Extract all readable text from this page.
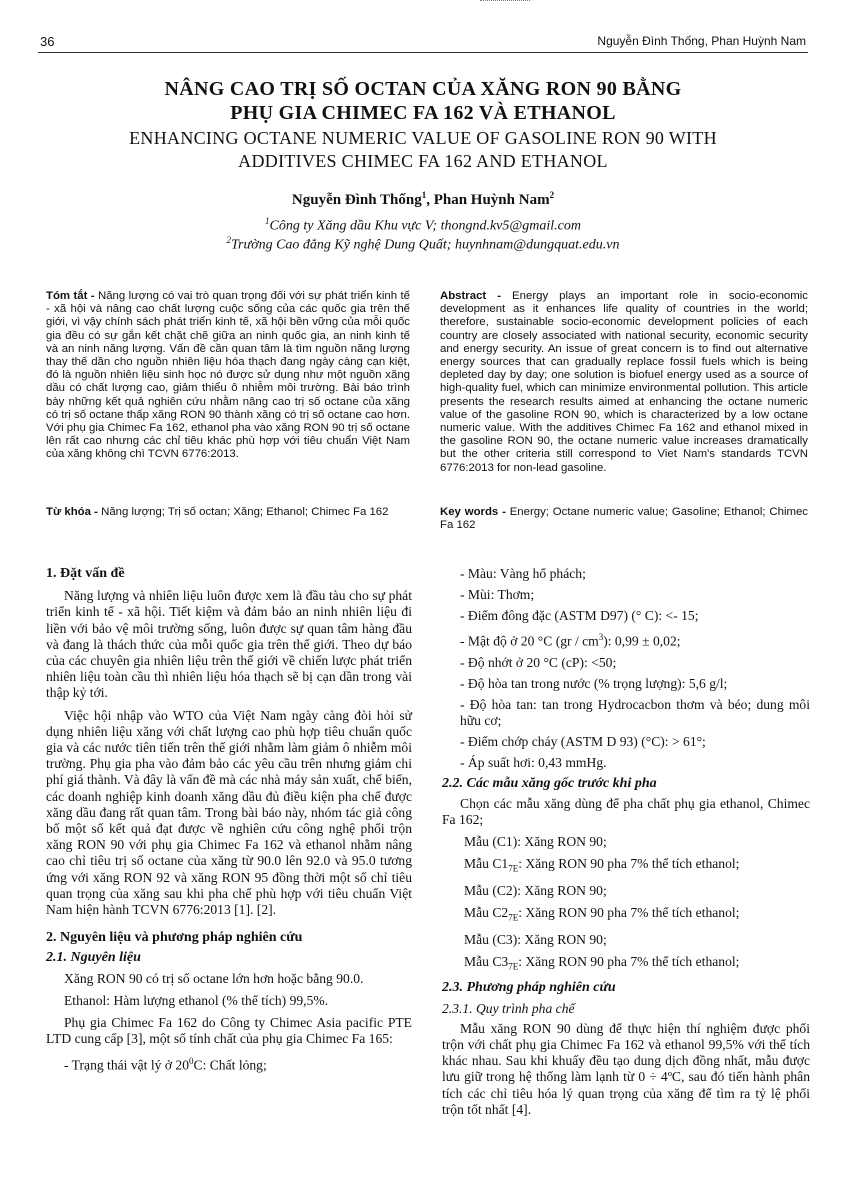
36	Nguyễn Đình Thống, Phan Huỳnh Nam
NÂNG CAO TRỊ SỐ OCTAN CỦA XĂNG RON 90 BẰNG
PHỤ GIA CHIMEC FA 162 VÀ ETHANOL
ENHANCING OCTANE NUMERIC VALUE OF GASOLINE RON 90 WITH
ADDITIVES CHIMEC FA 162 AND ETHANOL
Nguyễn Đình Thống$^1$, Phan Huỳnh Nam$^2$
$^1$Công ty Xăng dầu Khu vực V; thongnd.kv5@gmail.com
$^2$Trường Cao đẳng Kỹ nghệ Dung Quất; huynhnam@dungquat.edu.vn
Tóm tắt - Năng lượng có vai trò quan trọng đối với sự phát triển kinh tế - xã hội và nâng cao chất lượng cuộc sống của các quốc gia trên thế giới, vì vậy chính sách phát triển kinh tế, xã hội bền vững của mỗi quốc gia đều có sự gắn kết chặt chẽ giữa an ninh quốc gia, an ninh kinh tế và an ninh năng lượng. Vấn đề cần quan tâm là tìm nguồn năng lượng thay thế dần cho nguồn nhiên liệu hóa thạch đang ngày càng cạn kiệt, đó là nguồn nhiên liệu sinh học nó được sử dụng như một nguồn xăng dầu có chất lượng cao, giảm thiểu ô nhiễm môi trường. Bài báo trình bày những kết quả nghiên cứu nhằm nâng cao trị số octane của xăng có trị số octane thấp xăng RON 90 thành xăng có trị số octane cao hơn. Với phụ gia Chimec Fa 162, ethanol pha vào xăng RON 90 trị số octane lên rất cao nhưng các chỉ tiêu khác phù hợp với tiêu chuẩn Việt Nam của xăng không chì TCVN 6776:2013.
Từ khóa - Năng lượng; Trị số octan; Xăng; Ethanol; Chimec Fa 162
Abstract - Energy plays an important role in socio-economic development as it enhances life quality of countries in the world; therefore, sustainable socio-economic development policies of each country are closely associated with national security, economic security and energy security. An issue of great concern is to find out alternative energy sources that can gradually replace fossil fuels which is being depleted day by day; one solution is biofuel energy used as a source of high-quality fuel, which can minimize environmental pollution. This article presents the research results aimed at enhancing the octane numeric value of the gasoline RON 90, which is characterized by a low octane numeric value. With the additives Chimec Fa 162 and ethanol mixed in the gasoline RON 90, the octane numeric value increases dramatically but the other criteria still correspond to Viet Nam's standards TCVN 6776:2013 for non-lead gasoline.
Key words - Energy; Octane numeric value; Gasoline; Ethanol; Chimec Fa 162
1. Đặt vấn đề

Năng lượng và nhiên liệu luôn được xem là đầu tàu cho sự phát triển kinh tế - xã hội. Tiết kiệm và đảm bảo an ninh nhiên liệu đi liền với bảo vệ môi trường sống, luôn được sự quan tâm hàng đầu và đang là thách thức của mỗi quốc gia trên thế giới. Theo dự báo của các chuyên gia nhiên liệu trên thế giới về chiến lược phát triển nhiên liệu toàn cầu thì nhiên liệu hóa thạch sẽ bị cạn dần trong vài thập kỷ tới.

Việc hội nhập vào WTO của Việt Nam ngày càng đòi hỏi sử dụng nhiên liệu xăng với chất lượng cao phù hợp tiêu chuẩn quốc gia và các nước tiên tiến trên thế giới nhằm làm giảm ô nhiễm môi trường. Phụ gia pha vào đảm bảo các yêu cầu trên nhưng giảm chi phí giá thành. Và đây là vấn đề mà các nhà máy sản xuất, chế biến, các doanh nghiệp kinh doanh xăng dầu đủ điều kiện pha chế được xăng dầu đang rất quan tâm. Trong bài báo này, nhóm tác giả công bố một số kết quả đạt được về nghiên cứu công nghệ phối trộn xăng RON 90 với phụ gia Chimec Fa 162 và ethanol nhằm nâng cao chỉ tiêu trị số octane của xăng từ 90.0 lên 92.0 và 95.0 tương ứng với xăng RON 92 và xăng RON 95 đồng thời một số chỉ tiêu quan trọng của xăng sau khi pha chế phù hợp với tiêu chuẩn Việt Nam hiện hành TCVN 6776:2013 [1]. [2].

2. Nguyên liệu và phương pháp nghiên cứu
2.1. Nguyên liệu

Xăng RON 90 có trị số octane lớn hơn hoặc bằng 90.0.

Ethanol: Hàm lượng ethanol (% thể tích) 99,5%.

Phụ gia Chimec Fa 162 do Công ty Chimec Asia pacific PTE LTD cung cấp [3], một số tính chất của phụ gia Chimec Fa 165:

- Trạng thái vật lý ở $20^0C$: Chất lỏng;
- Màu: Vàng hổ phách;
- Mùi: Thơm;
- Điểm đông đặc (ASTM D97) (° C): <- 15;
- Mật độ ở 20 °C $(gr / cm^3)$: 0,99 ± 0,02;
- Độ nhớt ở 20 °C (cP): <50;
- Độ hòa tan trong nước (% trọng lượng): 5,6 g/l;
- Độ hòa tan: tan trong Hydrocacbon thơm và béo; dung môi hữu cơ;
- Điểm chớp cháy (ASTM D 93) (°C): > 61°;
- Áp suất hơi: 0,43 mmHg.
2.2. Các mẫu xăng gốc trước khi pha

Chọn các mẫu xăng dùng để pha chất phụ gia ethanol, Chimec Fa 162;

Mẫu (C1): Xăng RON 90;
Mẫu $C1_{7E}$: Xăng RON 90 pha 7% thể tích ethanol;
Mẫu (C2): Xăng RON 90;
Mẫu $C2_{7E}$: Xăng RON 90 pha 7% thể tích ethanol;
Mẫu (C3): Xăng RON 90;
Mẫu $C3_{7E}$: Xăng RON 90 pha 7% thể tích ethanol;
2.3. Phương pháp nghiên cứu
2.3.1. Quy trình pha chế

Mẫu xăng RON 90 dùng để thực hiện thí nghiệm được phối trộn với chất phụ gia Chimec Fa 162 và ethanol 99,5% với thể tích khác nhau. Sau khi khuấy đều tạo dung dịch đồng nhất, mẫu được lưu giữ trong hệ thống làm lạnh từ 0 ÷ 4ºC, sau đó tiến hành phân tích các chỉ tiêu hóa lý quan trọng của xăng để tìm ra tỷ lệ phối trộn tốt nhất [4].
